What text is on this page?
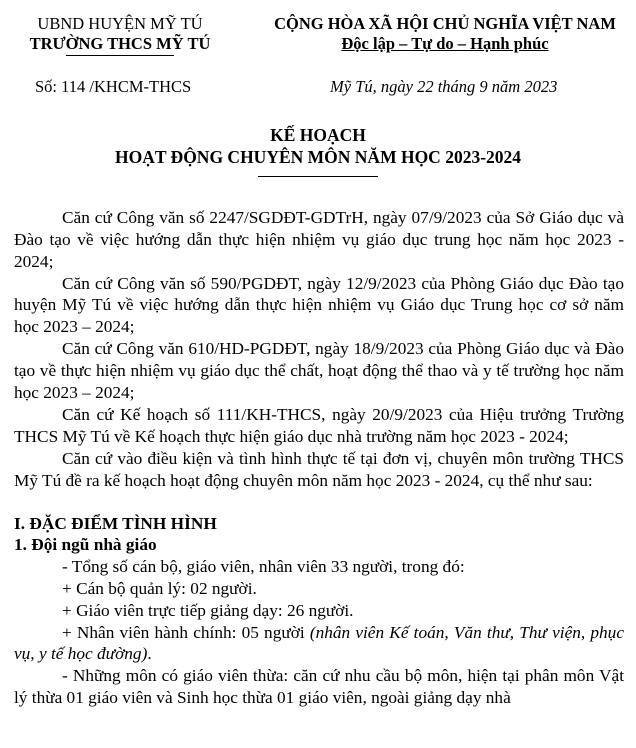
UBND HUYỆN MỸ TÚ
TRƯỜNG THCS MỸ TÚ
Số: 114 /KHCM-THCS
CỘNG HÒA XÃ HỘI CHỦ NGHĨA VIỆT NAM
Độc lập – Tự do – Hạnh phúc
Mỹ Tú, ngày 22 tháng 9 năm 2023
KẾ HOẠCH
HOẠT ĐỘNG CHUYÊN MÔN NĂM HỌC 2023-2024

Căn cứ Công văn số 2247/SGDĐT-GDTrH, ngày 07/9/2023 của Sở Giáo dục và Đào tạo về việc hướng dẫn thực hiện nhiệm vụ giáo dục trung học năm học 2023 - 2024;

Căn cứ Công văn số 590/PGDĐT, ngày 12/9/2023 của Phòng Giáo dục Đào tạo huyện Mỹ Tú về việc hướng dẫn thực hiện nhiệm vụ Giáo dục Trung học cơ sở năm học 2023 – 2024;

Căn cứ Công văn 610/HD-PGDĐT, ngày 18/9/2023 của Phòng Giáo dục và Đào tạo về thực hiện nhiệm vụ giáo dục thể chất, hoạt động thể thao và y tế trường học năm học 2023 – 2024;

Căn cứ Kế hoạch số 111/KH-THCS, ngày 20/9/2023 của Hiệu trưởng Trường THCS Mỹ Tú về Kế hoạch thực hiện giáo dục nhà trường năm học 2023 - 2024;

Căn cứ vào điều kiện và tình hình thực tế tại đơn vị, chuyên môn trường THCS Mỹ Tú đề ra kế hoạch hoạt động chuyên môn năm học 2023 - 2024, cụ thể như sau:

I. ĐẶC ĐIỂM TÌNH HÌNH

1. Đội ngũ nhà giáo

- Tổng số cán bộ, giáo viên, nhân viên 33 người, trong đó:

+ Cán bộ quản lý: 02 người.

+ Giáo viên trực tiếp giảng dạy: 26 người.

+ Nhân viên hành chính: 05 người (nhân viên Kế toán, Văn thư, Thư viện, phục vụ, y tế học đường).

- Những môn có giáo viên thừa: căn cứ nhu cầu bộ môn, hiện tại phân môn Vật lý thừa 01 giáo viên và Sinh học thừa 01 giáo viên, ngoài giảng dạy nhà
